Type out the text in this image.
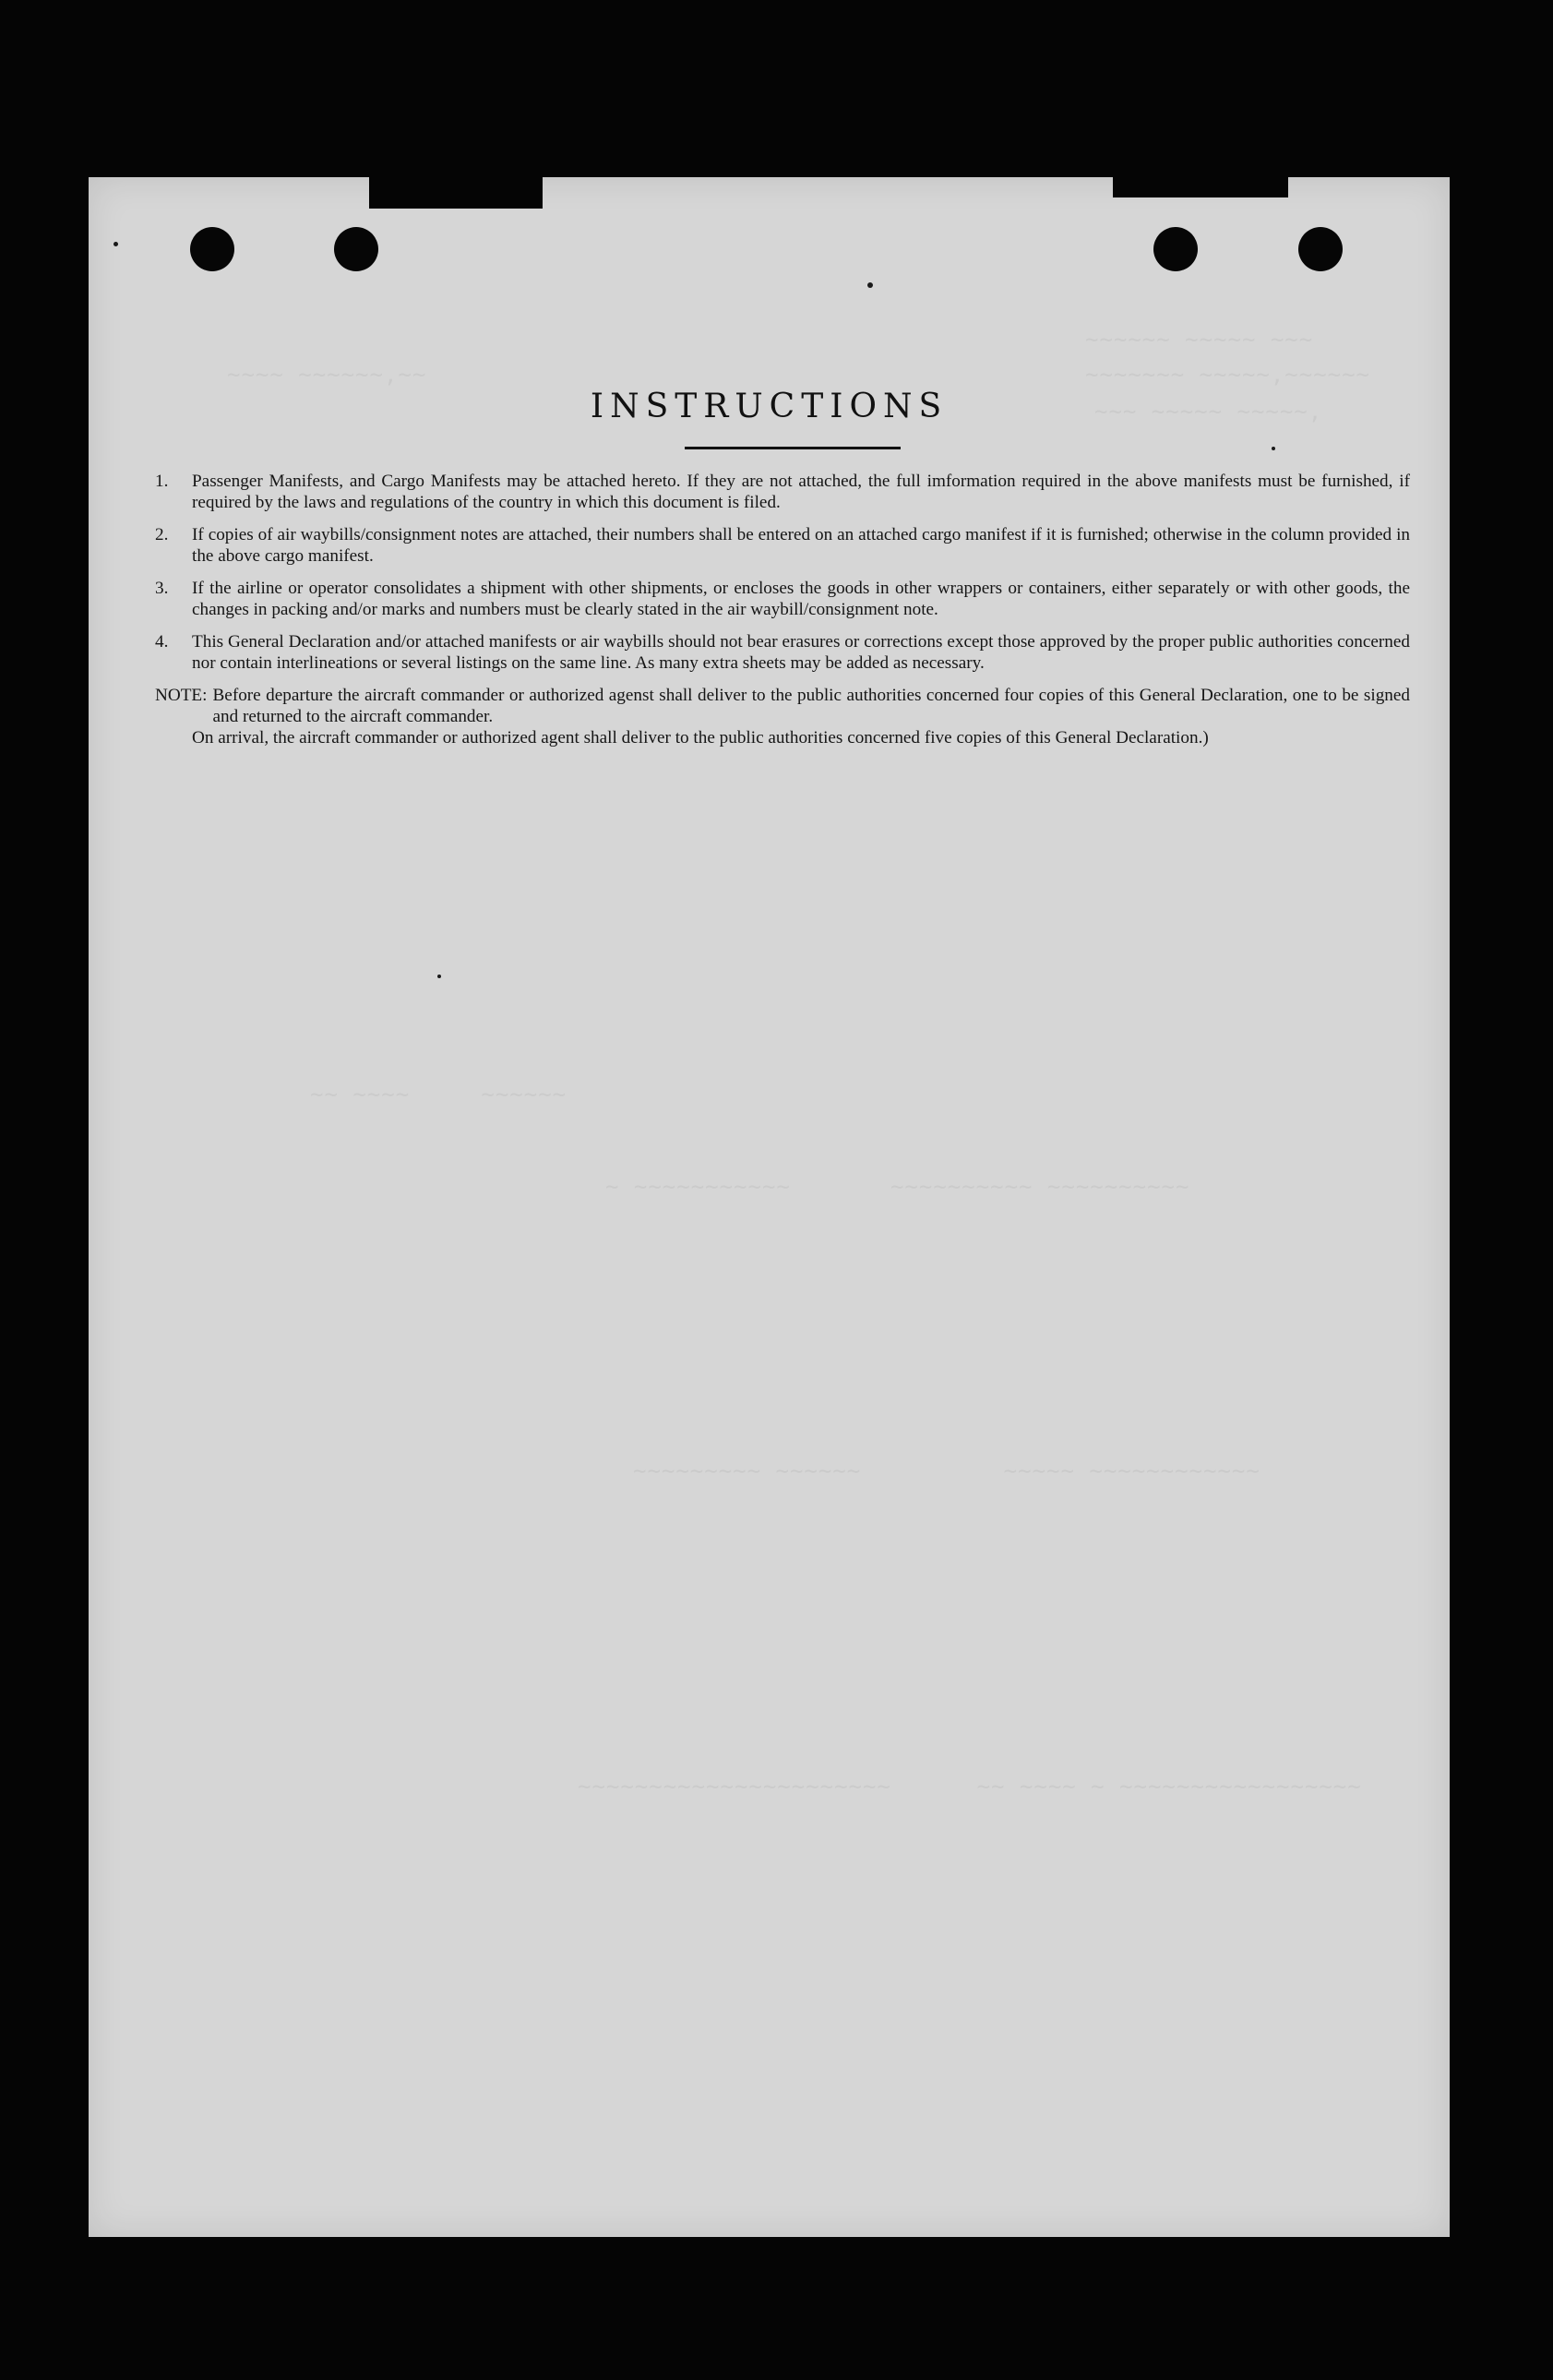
~~~~ ~~~~~~,~~
~~~~~~ ~~~~~ ~~~
~~~~~~~ ~~~~~,~~~~~~
~~~ ~~~~~ ~~~~~,
~~ ~~~~     ~~~~~~
~ ~~~~~~~~~~~       ~~~~~~~~~~ ~~~~~~~~~~
~~~~~~~~~ ~~~~~~          ~~~~~ ~~~~~~~~~~~~
~~~~~~~~~~~~~~~~~~~~~~      ~~ ~~~~ ~ ~~~~~~~~~~~~~~~~~
INSTRUCTIONS
1.	Passenger Manifests, and Cargo Manifests may be attached hereto. If they are not attached, the full imformation required in the above manifests must be furnished, if required by the laws and regulations of the country in which this document is filed.
2.	If copies of air waybills/consignment notes are attached, their numbers shall be entered on an attached cargo manifest if it is furnished; otherwise in the column provided in the above cargo manifest.
3.	If the airline or operator consolidates a shipment with other shipments, or encloses the goods in other wrappers or containers, either separately or with other goods, the changes in packing and/or marks and numbers must be clearly stated in the air waybill/consignment note.
4.	This General Declaration and/or attached manifests or air waybills should not bear erasures or corrections except those approved by the proper public authorities concerned nor contain interlineations or several listings on the same line. As many extra sheets may be added as necessary.
NOTE: Before departure the aircraft commander or authorized agenst shall deliver to the public authorities concerned four copies of this General Declaration, one to be signed and returned to the aircraft commander.
On arrival, the aircraft commander or authorized agent shall deliver to the public authorities concerned five copies of this General Declaration.)
